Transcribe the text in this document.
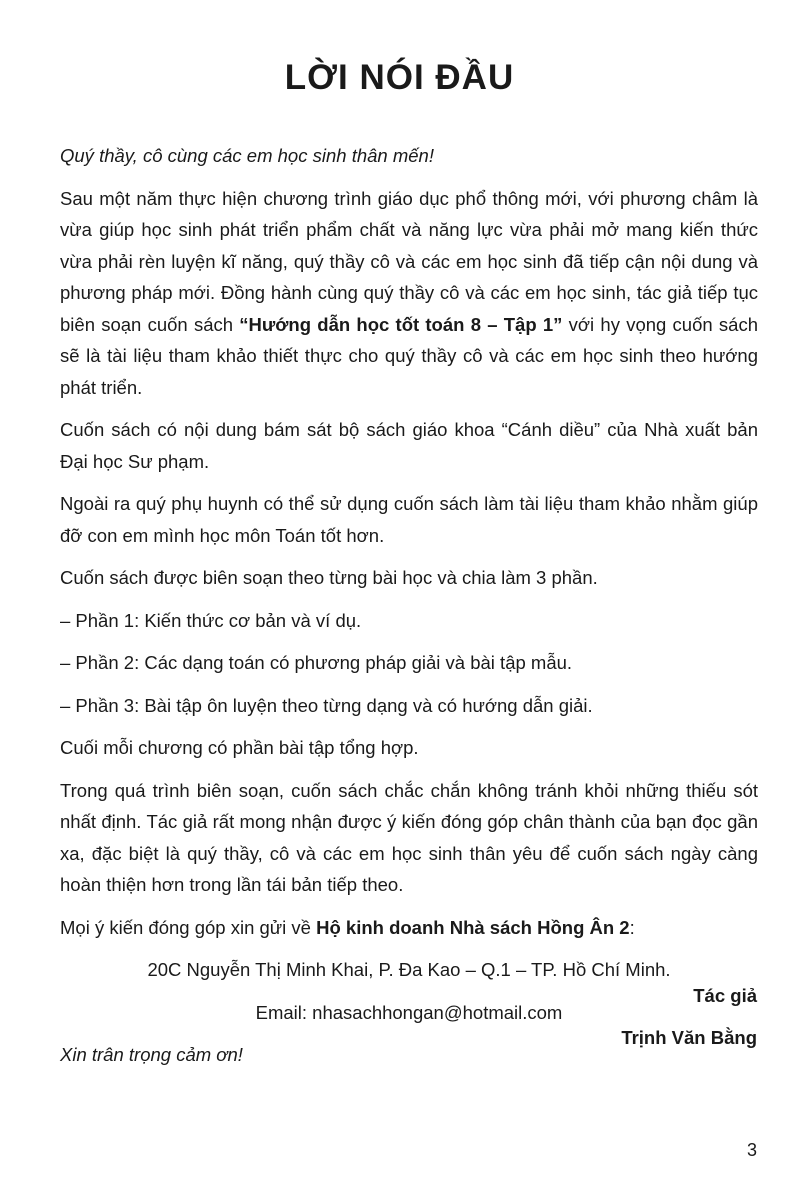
LỜI NÓI ĐẦU

Quý thầy, cô cùng các em học sinh thân mến!

Sau một năm thực hiện chương trình giáo dục phổ thông mới, với phương châm là vừa giúp học sinh phát triển phẩm chất và năng lực vừa phải mở mang kiến thức vừa phải rèn luyện kĩ năng, quý thầy cô và các em học sinh đã tiếp cận nội dung và phương pháp mới. Đồng hành cùng quý thầy cô và các em học sinh, tác giả tiếp tục biên soạn cuốn sách “Hướng dẫn học tốt toán 8 – Tập 1” với hy vọng cuốn sách sẽ là tài liệu tham khảo thiết thực cho quý thầy cô và các em học sinh theo hướng phát triển.

Cuốn sách có nội dung bám sát bộ sách giáo khoa “Cánh diều” của Nhà xuất bản Đại học Sư phạm.

Ngoài ra quý phụ huynh có thể sử dụng cuốn sách làm tài liệu tham khảo nhằm giúp đỡ con em mình học môn Toán tốt hơn.

Cuốn sách được biên soạn theo từng bài học và chia làm 3 phần.

– Phần 1: Kiến thức cơ bản và ví dụ.

– Phần 2: Các dạng toán có phương pháp giải và bài tập mẫu.

– Phần 3: Bài tập ôn luyện theo từng dạng và có hướng dẫn giải.

Cuối mỗi chương có phần bài tập tổng hợp.

Trong quá trình biên soạn, cuốn sách chắc chắn không tránh khỏi những thiếu sót nhất định. Tác giả rất mong nhận được ý kiến đóng góp chân thành của bạn đọc gần xa, đặc biệt là quý thầy, cô và các em học sinh thân yêu để cuốn sách ngày càng hoàn thiện hơn trong lần tái bản tiếp theo.

Mọi ý kiến đóng góp xin gửi về Hộ kinh doanh Nhà sách Hồng Ân 2:

20C Nguyễn Thị Minh Khai, P. Đa Kao – Q.1 – TP. Hồ Chí Minh.

Email: nhasachhongan@hotmail.com

Xin trân trọng cảm ơn!

Tác giả
Trịnh Văn Bằng
3
